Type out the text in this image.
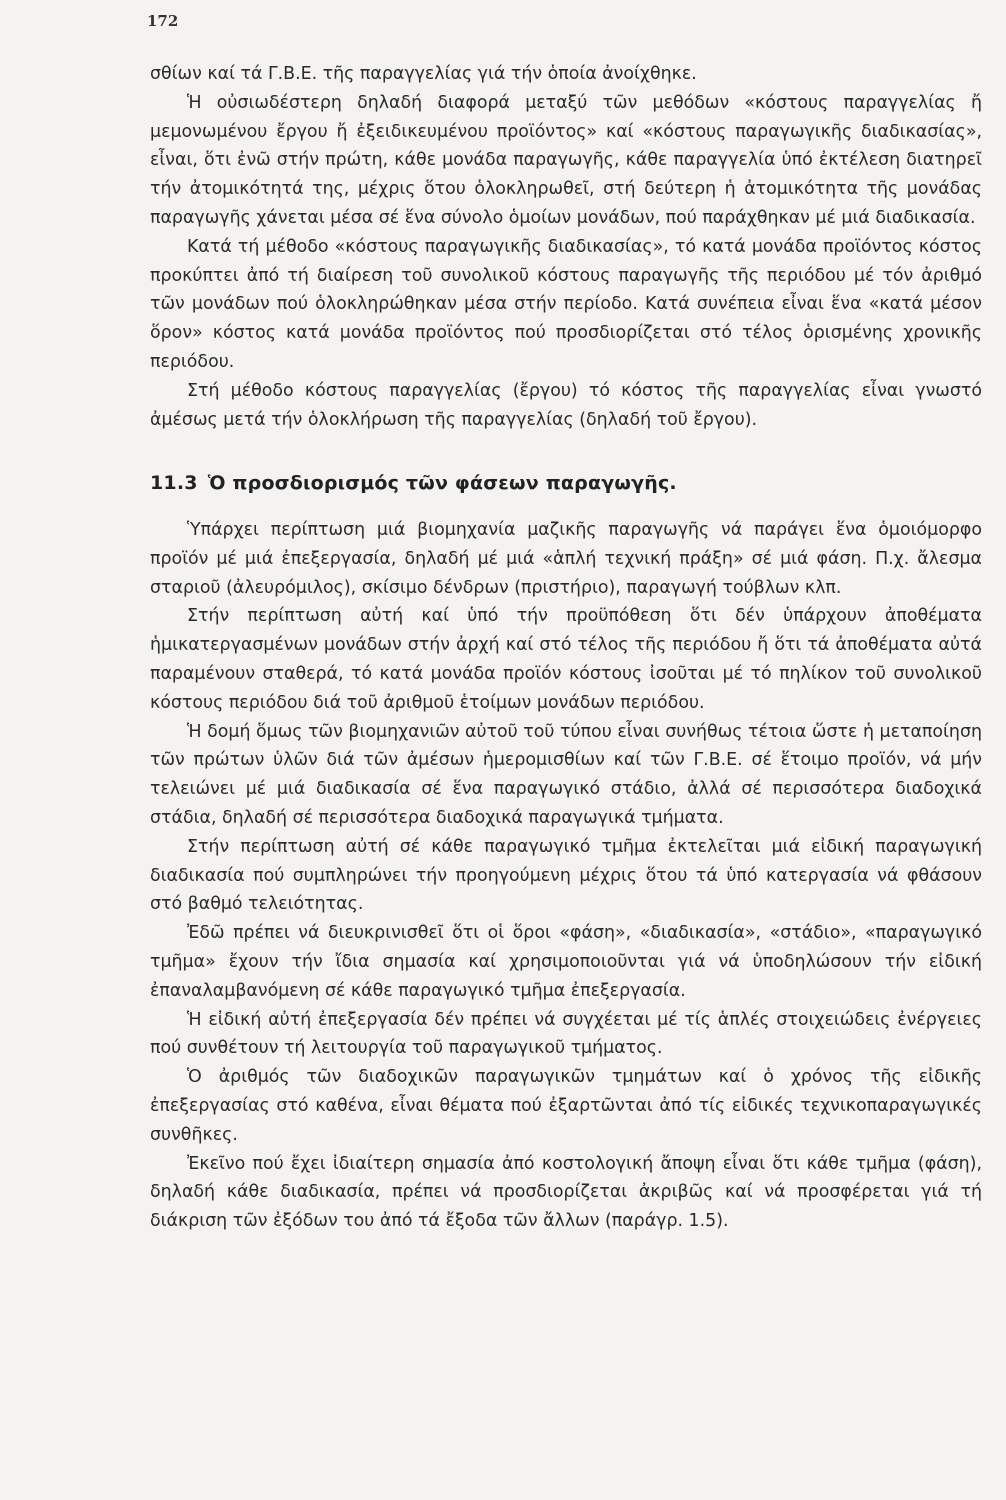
172

σθίων καί τά Γ.Β.Ε. τῆς παραγγελίας γιά τήν ὁποία ἀνοίχθηκε.

Ἡ οὐσιωδέστερη δηλαδή διαφορά μεταξύ τῶν μεθόδων «κόστους παραγγελίας ἤ μεμονωμένου ἔργου ἤ ἐξειδικευμένου προϊόντος» καί «κόστους παραγωγικῆς διαδικασίας», εἶναι, ὅτι ἐνῶ στήν πρώτη, κάθε μονάδα παραγωγῆς, κάθε παραγγελία ὑπό ἐκτέλεση διατηρεῖ τήν ἀτομικότητά της, μέχρις ὅτου ὁλοκληρωθεῖ, στή δεύτερη ἡ ἀτομικότητα τῆς μονάδας παραγωγῆς χάνεται μέσα σέ ἕνα σύνολο ὁμοίων μονάδων, πού παράχθηκαν μέ μιά διαδικασία.

Κατά τή μέθοδο «κόστους παραγωγικῆς διαδικασίας», τό κατά μονάδα προϊόντος κόστος προκύπτει ἀπό τή διαίρεση τοῦ συνολικοῦ κόστους παραγωγῆς τῆς περιόδου μέ τόν ἀριθμό τῶν μονάδων πού ὁλοκληρώθηκαν μέσα στήν περίοδο. Κατά συνέπεια εἶναι ἕνα «κατά μέσον ὅρον» κόστος κατά μονάδα προϊόντος πού προσδιορίζεται στό τέλος ὁρισμένης χρονικῆς περιόδου.

Στή μέθοδο κόστους παραγγελίας (ἔργου) τό κόστος τῆς παραγγελίας εἶναι γνωστό ἀμέσως μετά τήν ὁλοκλήρωση τῆς παραγγελίας (δηλαδή τοῦ ἔργου).

11.3 Ὁ προσδιορισμός τῶν φάσεων παραγωγῆς.

Ὑπάρχει περίπτωση μιά βιομηχανία μαζικῆς παραγωγῆς νά παράγει ἕνα ὁμοιόμορφο προϊόν μέ μιά ἐπεξεργασία, δηλαδή μέ μιά «ἁπλή τεχνική πράξη» σέ μιά φάση. Π.χ. ἄλεσμα σταριοῦ (ἀλευρόμιλος), σκίσιμο δένδρων (πριστήριο), παραγωγή τούβλων κλπ.

Στήν περίπτωση αὐτή καί ὑπό τήν προϋπόθεση ὅτι δέν ὑπάρχουν ἀποθέματα ἡμικατεργασμένων μονάδων στήν ἀρχή καί στό τέλος τῆς περιόδου ἤ ὅτι τά ἀποθέματα αὐτά παραμένουν σταθερά, τό κατά μονάδα προϊόν κόστους ἰσοῦται μέ τό πηλίκον τοῦ συνολικοῦ κόστους περιόδου διά τοῦ ἀριθμοῦ ἑτοίμων μονάδων περιόδου.

Ἡ δομή ὅμως τῶν βιομηχανιῶν αὐτοῦ τοῦ τύπου εἶναι συνήθως τέτοια ὥστε ἡ μεταποίηση τῶν πρώτων ὑλῶν διά τῶν ἀμέσων ἡμερομισθίων καί τῶν Γ.Β.Ε. σέ ἕτοιμο προϊόν, νά μήν τελειώνει μέ μιά διαδικασία σέ ἕνα παραγωγικό στάδιο, ἀλλά σέ περισσότερα διαδοχικά στάδια, δηλαδή σέ περισσότερα διαδοχικά παραγωγικά τμήματα.

Στήν περίπτωση αὐτή σέ κάθε παραγωγικό τμῆμα ἐκτελεῖται μιά εἰδική παραγωγική διαδικασία πού συμπληρώνει τήν προηγούμενη μέχρις ὅτου τά ὑπό κατεργασία νά φθάσουν στό βαθμό τελειότητας.

Ἐδῶ πρέπει νά διευκρινισθεῖ ὅτι οἱ ὅροι «φάση», «διαδικασία», «στάδιο», «παραγωγικό τμῆμα» ἔχουν τήν ἴδια σημασία καί χρησιμοποιοῦνται γιά νά ὑποδηλώσουν τήν εἰδική ἐπαναλαμβανόμενη σέ κάθε παραγωγικό τμῆμα ἐπεξεργασία.

Ἡ εἰδική αὐτή ἐπεξεργασία δέν πρέπει νά συγχέεται μέ τίς ἁπλές στοιχειώδεις ἐνέργειες πού συνθέτουν τή λειτουργία τοῦ παραγωγικοῦ τμήματος.

Ὁ ἀριθμός τῶν διαδοχικῶν παραγωγικῶν τμημάτων καί ὁ χρόνος τῆς εἰδικῆς ἐπεξεργασίας στό καθένα, εἶναι θέματα πού ἐξαρτῶνται ἀπό τίς εἰδικές τεχνικοπαραγωγικές συνθῆκες.

Ἐκεῖνο πού ἔχει ἰδιαίτερη σημασία ἀπό κοστολογική ἄποψη εἶναι ὅτι κάθε τμῆμα (φάση), δηλαδή κάθε διαδικασία, πρέπει νά προσδιορίζεται ἀκριβῶς καί νά προσφέρεται γιά τή διάκριση τῶν ἐξόδων του ἀπό τά ἔξοδα τῶν ἄλλων (παράγρ. 1.5).
